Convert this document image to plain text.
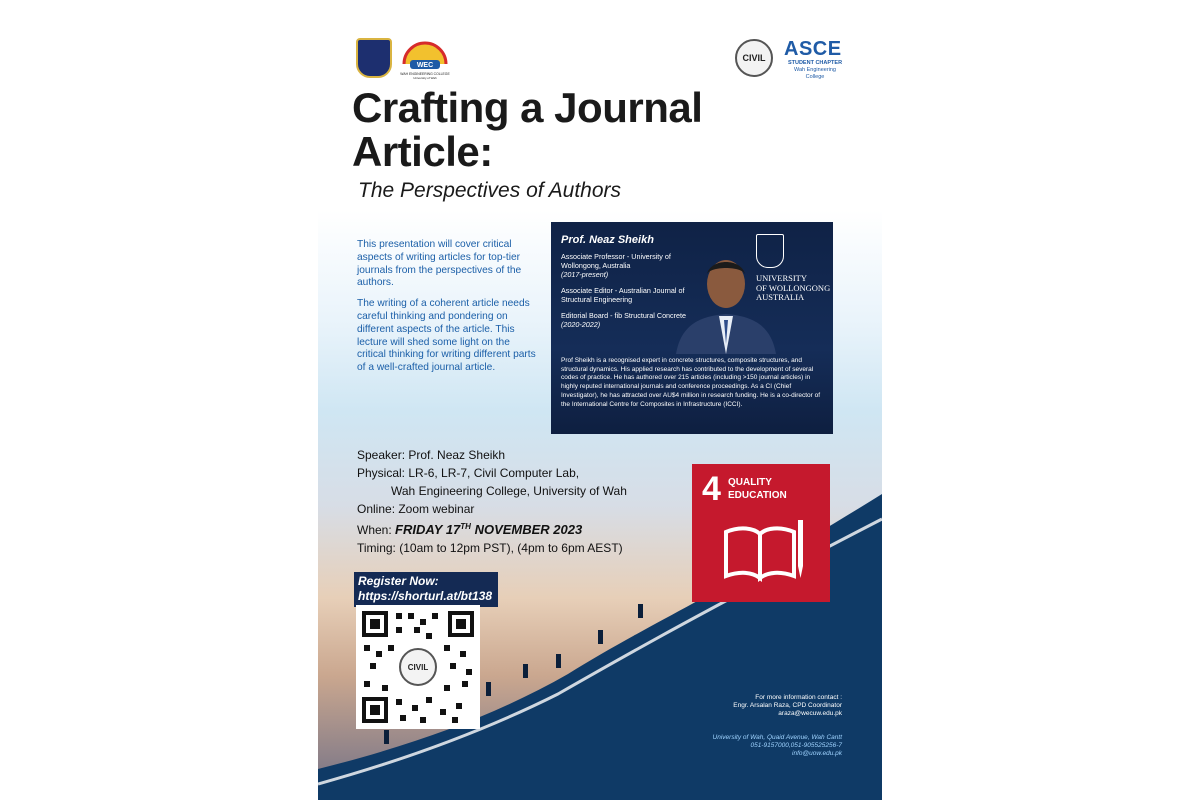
WEC
WAH ENGINEERING COLLEGE
University of Wah
CIVIL ASCE
STUDENT CHAPTER
Wah Engineering College
Crafting a Journal
Article:
The Perspectives of Authors

This presentation will cover critical aspects of writing articles for top-tier journals from the perspectives of the authors.

The writing of a coherent article needs careful thinking and pondering on different aspects of the article. This lecture will shed some light on the critical thinking for writing different parts of a well-crafted journal article.

Prof. Neaz Sheikh
Associate Professor - University of Wollongong, Australia
(2017-present)
Associate Editor - Australian Journal of Structural Engineering
Editorial Board - fib Structural Concrete
(2020-2022)
UNIVERSITY
OF WOLLONGONG
AUSTRALIA
Prof Sheikh is a recognised expert in concrete structures, composite structures, and structural dynamics. His applied research has contributed to the development of several codes of practice. He has authored over 215 articles (including >150 journal articles) in highly reputed international journals and conference proceedings. As a CI (Chief Investigator), he has attracted over AU$4 million in research funding. He is a co-director of the International Centre for Composites in Infrastructure (ICCI).
Speaker: Prof. Neaz Sheikh
Physical: LR-6, LR-7, Civil Computer Lab,
Wah Engineering College, University of Wah
Online: Zoom webinar
When: FRIDAY 17TH NOVEMBER 2023
Timing: (10am to 12pm PST), (4pm to 6pm AEST)
4 QUALITY
EDUCATION
Register Now:
https://shorturl.at/bt138
CIVIL
For more information contact :
Engr. Arsalan Raza, CPD Coordinator
araza@wecuw.edu.pk
University of Wah, Quaid Avenue, Wah Cantt
051-9157000,051-905525256-7
info@uow.edu.pk
